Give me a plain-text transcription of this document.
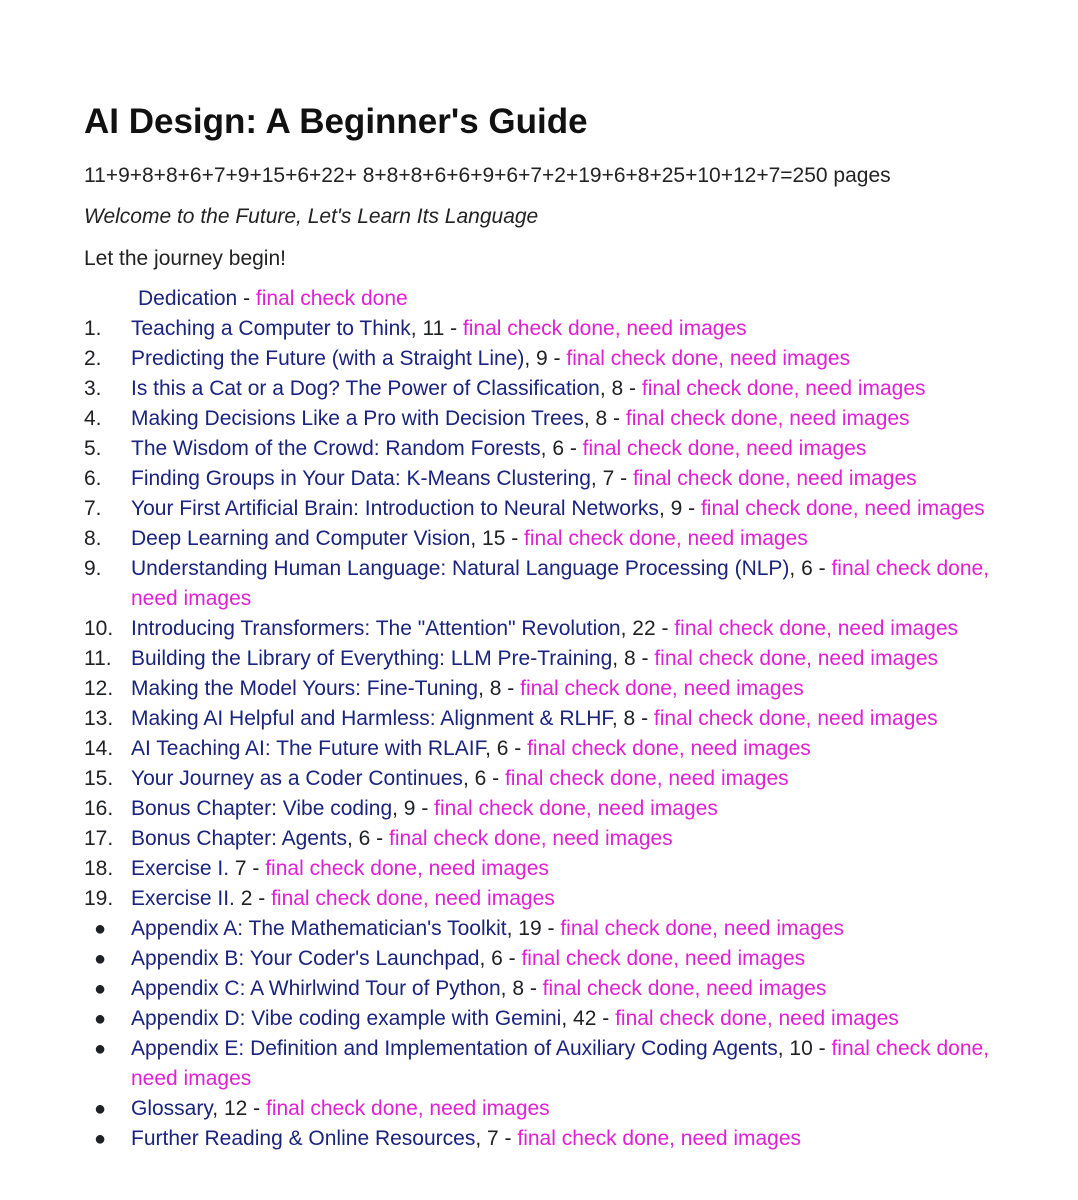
AI Design: A Beginner's Guide
11+9+8+8+6+7+9+15+6+22+ 8+8+8+6+6+9+6+7+2+19+6+8+25+10+12+7=250 pages
Welcome to the Future, Let's Learn Its Language
Let the journey begin!
Dedication - final check done
1.	Teaching a Computer to Think, 11 - final check done, need images
2.	Predicting the Future (with a Straight Line), 9 - final check done, need images
3.	Is this a Cat or a Dog? The Power of Classification, 8 - final check done, need images
4.	Making Decisions Like a Pro with Decision Trees, 8 - final check done, need images
5.	The Wisdom of the Crowd: Random Forests, 6 - final check done, need images
6.	Finding Groups in Your Data: K-Means Clustering, 7 - final check done, need images
7.	Your First Artificial Brain: Introduction to Neural Networks, 9 - final check done, need images
8.	Deep Learning and Computer Vision, 15 - final check done, need images
9.	Understanding Human Language: Natural Language Processing (NLP), 6 - final check done, need images
10. Introducing Transformers: The "Attention" Revolution, 22 - final check done, need images
11. Building the Library of Everything: LLM Pre-Training, 8 - final check done, need images
12. Making the Model Yours: Fine-Tuning, 8 - final check done, need images
13. Making AI Helpful and Harmless: Alignment & RLHF, 8 - final check done, need images
14. AI Teaching AI: The Future with RLAIF, 6 - final check done, need images
15. Your Journey as a Coder Continues, 6 - final check done, need images
16. Bonus Chapter: Vibe coding, 9 - final check done, need images
17. Bonus Chapter: Agents, 6 - final check done, need images
18. Exercise I. 7 - final check done, need images
19. Exercise II. 2 - final check done, need images
●	Appendix A: The Mathematician's Toolkit, 19 - final check done, need images
●	Appendix B: Your Coder's Launchpad, 6 - final check done, need images
●	Appendix C: A Whirlwind Tour of Python, 8 - final check done, need images
●	Appendix D: Vibe coding example with Gemini, 42 - final check done, need images
●	Appendix E: Definition and Implementation of Auxiliary Coding Agents, 10 - final check done, need images
●	Glossary, 12 - final check done, need images
●	Further Reading & Online Resources, 7 - final check done, need images
